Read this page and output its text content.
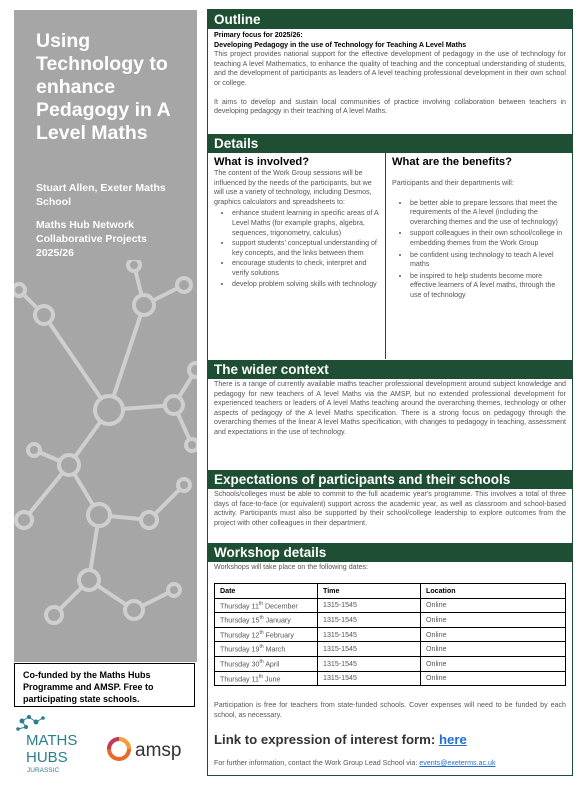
Using Technology to enhance Pedagogy in A Level Maths
Stuart Allen, Exeter Maths School
Maths Hub Network Collaborative Projects 2025/26
Co-funded by the Maths Hubs Programme and AMSP. Free to participating state schools.
MATHS
HUBS
JURASSIC
amsp
Outline
Primary focus for 2025/26:
Developing Pedagogy in the use of Technology for Teaching A Level Maths
This project provides national support for the effective development of pedagogy in the use of technology for teaching A level Mathematics, to enhance the quality of teaching and the conceptual understanding of students, and the development of participants as leaders of A level teaching professional development in their own school or college.
It aims to develop and sustain local communities of practice involving collaboration between teachers in developing pedagogy in their teaching of A level Maths.
Details
What is involved?

The content of the Work Group sessions will be influenced by the needs of the participants, but we will use a variety of technology, including Desmos, graphics calculators and spreadsheets to:

• enhance student learning in specific areas of A Level Maths (for example graphs, algebra, sequences, trigonometry, calculus)
• support students' conceptual understanding of key concepts, and the links between them
• encourage students to check, interpret and verify solutions
• develop problem solving skills with technology
What are the benefits?

Participants and their departments will:

• be better able to prepare lessons that meet the requirements of the A level (including the overarching themes and the use of technology)
• support colleagues in their own school/college in embedding themes from the Work Group
• be confident using technology to teach A level maths
• be inspired to help students become more effective learners of A level maths, through the use of technology
The wider context
There is a range of currently available maths teacher professional development around subject knowledge and pedagogy for new teachers of A level Maths via the AMSP, but no extended professional development for experienced teachers or leaders of A level Maths teaching around the overarching themes, technology or other aspects of pedagogy of the A level Maths specification. There is a strong focus on pedagogy through the overarching themes of the linear A level Maths specification, with changes to pedagogy in teaching, assessment and expectations in the use of technology.
Expectations of participants and their schools
Schools/colleges must be able to commit to the full academic year's programme. This involves a total of three days of face-to-face (or equivalent) support across the academic year, as well as classroom and school-based activity. Participants must also be supported by their school/college leadership to explore outcomes from the project with other colleagues in their department.
Workshop details
Workshops will take place on the following dates:
Date	Time	Location
Thursday 11th December	1315-1545	Online
Thursday 15th January	1315-1545	Online
Thursday 12th February	1315-1545	Online
Thursday 19th March	1315-1545	Online
Thursday 30th April	1315-1545	Online
Thursday 11th June	1315-1545	Online
Participation is free for teachers from state-funded schools. Cover expenses will need to be funded by each school, as necessary.
Link to expression of interest form: here
For further information, contact the Work Group Lead School via: events@exeterms.ac.uk
